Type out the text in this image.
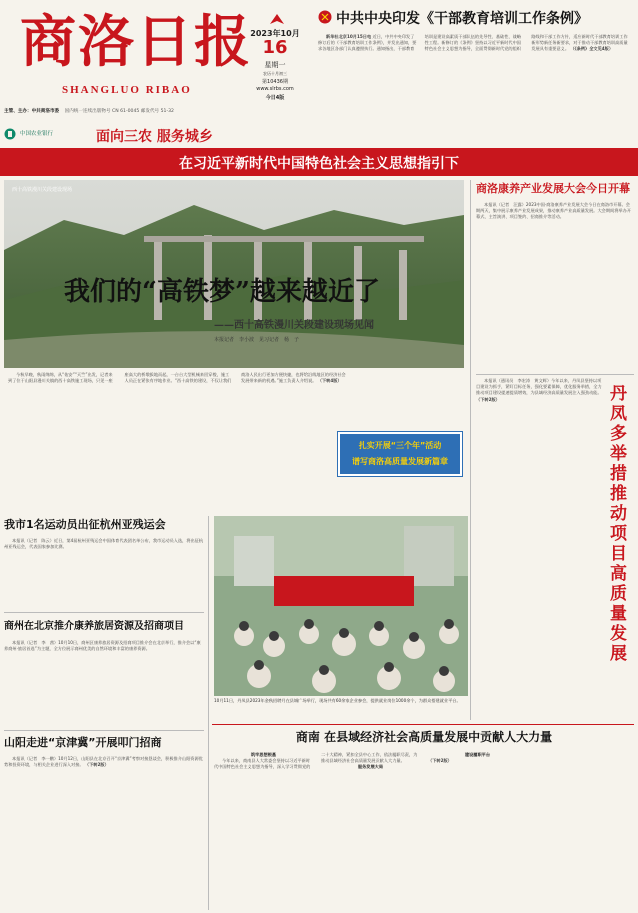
商洛日报
SHANGLUO RIBAO
2023年10月
16
星期一
农历十月初三
第10436期
www.slrbs.com
今日4版
主管、主办：中共商洛市委 国内统一连续出版物号 CN 61-0045 邮发代号 51-32
中国农业银行	面向三农 服务城乡
中共中央印发《干部教育培训工作条例》
新华社北京10月15日电 近日，中共中央印发了修订后的《干部教育培训工作条例》，并发出通知，要求各地区各部门认真遵照执行。通知指出，干部教育培训是建设高素质干部队伍的先导性、基础性、战略性工程。新修订的《条例》坚持以习近平新时代中国特色社会主义思想为指导，全面贯彻新时代党的组织路线和干部工作方针，适应新时代干部教育培训工作新形势新任务新要求，对于推动干部教育培训高质量发展具有重要意义。 （《条例》全文见4版）
在习近平新时代中国特色社会主义思想指引下
西十高铁漫川关段建设现场
我们的“高铁梦”越来越近了
——西十高铁漫川关段建设现场见闻
本报记者　李小波　见习记者　杨　子
今秋早晚，秋雨绵绵，从“佑安”“天竺”出发，记者来到了位于山阳县漫川关镇的西十高铁施工现场，只见一座座高大的桥墩拔地而起，一台台大型机械来回穿梭，施工人员正在紧张有序地作业。“西十高铁的建设，不仅让我们商洛人民出行更加方便快捷，也将给沿线地区的经济社会发展带来新的机遇。”施工负责人介绍说。 （下转4版）
扎实开展“三个年”活动
谱写商洛高质量发展新篇章
商洛康养产业发展大会今日开幕
本报讯（记者　汪露）2023中国·商洛康养产业发展大会今日在商洛市开幕。会期两天，集中展示康养产业发展成果，推动康养产业高质量发展。大会期间将举办开幕式、主旨演讲、项目签约、招商推介等活动。
本报讯（通讯员　李宏涛　黄文辉）今年以来，丹凤县坚持以项目建设为抓手，紧盯目标任务，强化要素保障，优化服务举措，全力推动项目建设提速提质增效，为县域经济高质量发展注入强劲动能。 （下转2版）	丹凤多举措推动项目高质量发展
我市1名运动员出征杭州亚残运会
本报讯（记者　陈云）近日，第4届杭州亚残运会中国体育代表团名单公布，我市运动员入选，将出征杭州亚残运会，代表国家参加比赛。
商州在北京推介康养旅居资源及招商项目
本报讯（记者　李　茜）10月10日，商州区康养旅居资源及招商项目推介会在北京举行，推介会以“康养商州·旅居首选”为主题，全方位展示商州优美的自然环境和丰富的康养资源。
山阳走进“京津冀”开展叩门招商
本报讯（记者　李一鹏）10月12日，山阳县在北京召开“京津冀”考察对接恳谈会，积极推介山阳资源优势和投资环境，与相关企业进行深入对接。 （下转2版）
10月11日，丹凤县2023年金秋招聘月在县城广场举行，现场共有60余家企业参会，提供就业岗位1000余个，为群众搭建就业平台。
商南 在县域经济社会高质量发展中贡献人大力量
筑牢思想根基
今年以来，商南县人大常委会坚持以习近平新时代中国特色社会主义思想为指导，深入学习贯彻党的二十大精神，紧扣全县中心工作，依法履职尽责，为推动县域经济社会高质量发展贡献人大力量。
服务发展大局
建设履职平台
（下转2版）
